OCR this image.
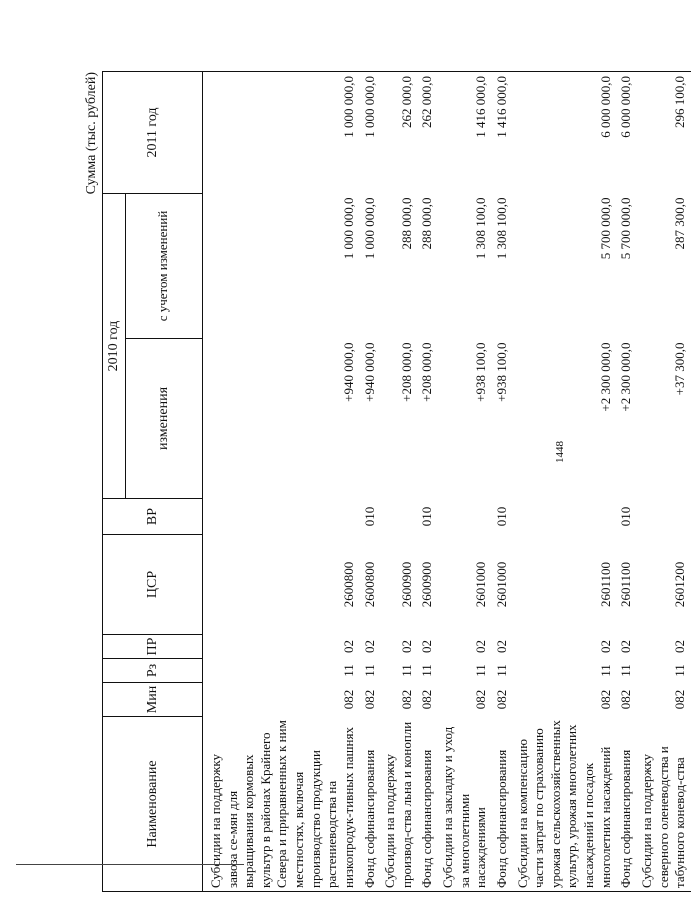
1448
Сумма (тыс. рублей)
Наименование	Мин	Рз	ПР	ЦСР	ВР	2010 год		2011 год
						изменения	с учетом изменений	
Субсидии на поддержку завоза се-мян для выращивания кормовых культур в районах Крайнего Севера и приравненных к ним местностях, включая производство продукции растениеводства на низкопродук-тивных пашнях	082	11	02	2600800		+940 000,0	1 000 000,0	1 000 000,0
Фонд софинансирования	082	11	02	2600800	010	+940 000,0	1 000 000,0	1 000 000,0
Субсидии на поддержку производ-ства льна и конопли	082	11	02	2600900		+208 000,0	288 000,0	262 000,0
Фонд софинансирования	082	11	02	2600900	010	+208 000,0	288 000,0	262 000,0
Субсидии на закладку и уход за многолетними насаждениями	082	11	02	2601000		+938 100,0	1 308 100,0	1 416 000,0
Фонд софинансирования	082	11	02	2601000	010	+938 100,0	1 308 100,0	1 416 000,0
Субсидии на компенсацию части затрат по страхованию урожая сельскохозяйственных культур, урожая многолетних насаждений и посадок многолетних насаждений	082	11	02	2601100		+2 300 000,0	5 700 000,0	6 000 000,0
Фонд софинансирования	082	11	02	2601100	010	+2 300 000,0	5 700 000,0	6 000 000,0
Субсидии на поддержку северного оленеводства и табунного коневод-ства	082	11	02	2601200		+37 300,0	287 300,0	296 100,0
